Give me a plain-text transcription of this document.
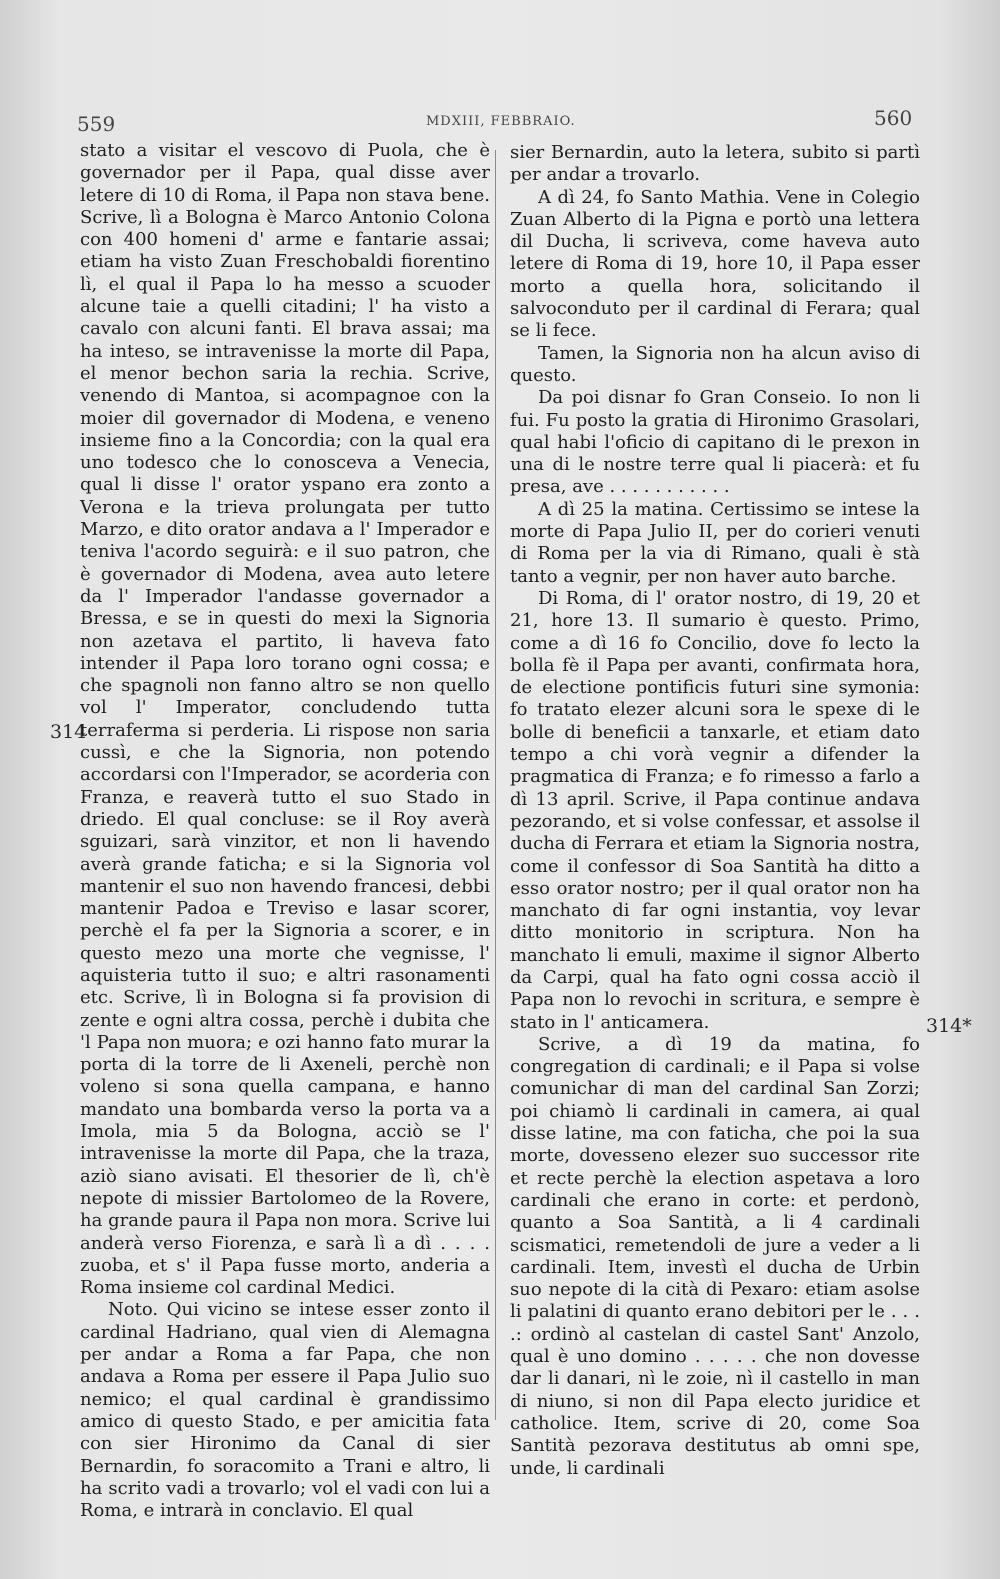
559	MDXIII, FEBBRAIO.	560
314
314*

stato a visitar el vescovo di Puola, che è governador per il Papa, qual disse aver letere di 10 di Roma, il Papa non stava bene. Scrive, lì a Bologna è Marco Antonio Colona con 400 homeni d' arme e fantarie assai; etiam ha visto Zuan Freschobaldi fiorentino lì, el qual il Papa lo ha messo a scuoder alcune taie a quelli citadini; l' ha visto a cavalo con alcuni fanti. El brava assai; ma ha inteso, se intravenisse la morte dil Papa, el menor bechon saria la rechia. Scrive, venendo di Mantoa, si acompagnoe con la moier dil governador di Modena, e veneno insieme fino a la Concordia; con la qual era uno todesco che lo conosceva a Venecia, qual li disse l' orator yspano era zonto a Verona e la trieva prolungata per tutto Marzo, e dito orator andava a l' Imperador e teniva l'acordo seguirà: e il suo patron, che è governador di Modena, avea auto letere da l' Imperador l'andasse governador a Bressa, e se in questi do mexi la Signoria non azetava el partito, li haveva fato intender il Papa loro torano ogni cossa; e che spagnoli non fanno altro se non quello vol l' Imperator, concludendo tutta terraferma si perderia. Li rispose non saria cussì, e che la Signoria, non potendo accordarsi con l'Imperador, se acorderia con Franza, e reaverà tutto el suo Stado in driedo. El qual concluse: se il Roy averà sguizari, sarà vinzitor, et non li havendo averà grande faticha; e si la Signoria vol mantenir el suo non havendo francesi, debbi mantenir Padoa e Treviso e lasar scorer, perchè el fa per la Signoria a scorer, e in questo mezo una morte che vegnisse, l' aquisteria tutto il suo; e altri rasonamenti etc. Scrive, lì in Bologna si fa provision di zente e ogni altra cossa, perchè i dubita che 'l Papa non muora; e ozi hanno fato murar la porta di la torre de li Axeneli, perchè non voleno si sona quella campana, e hanno mandato una bombarda verso la porta va a Imola, mia 5 da Bologna, acciò se l' intravenisse la morte dil Papa, che la traza, aziò siano avisati. El thesorier de lì, ch'è nepote di missier Bartolomeo de la Rovere, ha grande paura il Papa non mora. Scrive lui anderà verso Fiorenza, e sarà lì a dì . . . . zuoba, et s' il Papa fusse morto, anderia a Roma insieme col cardinal Medici.

Noto. Qui vicino se intese esser zonto il cardinal Hadriano, qual vien di Alemagna per andar a Roma a far Papa, che non andava a Roma per essere il Papa Julio suo nemico; el qual cardinal è grandissimo amico di questo Stado, e per amicitia fata con sier Hironimo da Canal di sier Bernardin, fo soracomito a Trani e altro, li ha scrito vadi a trovarlo; vol el vadi con lui a Roma, e intrarà in conclavio. El qual

sier Bernardin, auto la letera, subito si partì per andar a trovarlo.

A dì 24, fo Santo Mathia. Vene in Colegio Zuan Alberto di la Pigna e portò una lettera dil Ducha, li scriveva, come haveva auto letere di Roma di 19, hore 10, il Papa esser morto a quella hora, solicitando il salvoconduto per il cardinal di Ferara; qual se li fece.

Tamen, la Signoria non ha alcun aviso di questo.

Da poi disnar fo Gran Conseio. Io non li fui. Fu posto la gratia di Hironimo Grasolari, qual habi l'oficio di capitano di le prexon in una di le nostre terre qual li piacerà: et fu presa, ave . . . . . . . . . . .

A dì 25 la matina. Certissimo se intese la morte di Papa Julio II, per do corieri venuti di Roma per la via di Rimano, quali è stà tanto a vegnir, per non haver auto barche.

Di Roma, di l' orator nostro, di 19, 20 et 21, hore 13. Il sumario è questo. Primo, come a dì 16 fo Concilio, dove fo lecto la bolla fè il Papa per avanti, confirmata hora, de electione pontificis futuri sine symonia: fo tratato elezer alcuni sora le spexe di le bolle di beneficii a tanxarle, et etiam dato tempo a chi vorà vegnir a difender la pragmatica di Franza; e fo rimesso a farlo a dì 13 april. Scrive, il Papa continue andava pezorando, et si volse confessar, et assolse il ducha di Ferrara et etiam la Signoria nostra, come il confessor di Soa Santità ha ditto a esso orator nostro; per il qual orator non ha manchato di far ogni instantia, voy levar ditto monitorio in scriptura. Non ha manchato li emuli, maxime il signor Alberto da Carpi, qual ha fato ogni cossa acciò il Papa non lo revochi in scritura, e sempre è stato in l' anticamera.

Scrive, a dì 19 da matina, fo congregation di cardinali; e il Papa si volse comunichar di man del cardinal San Zorzi; poi chiamò li cardinali in camera, ai qual disse latine, ma con faticha, che poi la sua morte, dovesseno elezer suo successor rite et recte perchè la election aspetava a loro cardinali che erano in corte: et perdonò, quanto a Soa Santità, a li 4 cardinali scismatici, remetendoli de jure a veder a li cardinali. Item, investì el ducha de Urbin suo nepote di la cità di Pexaro: etiam asolse li palatini di quanto erano debitori per le . . . .: ordinò al castelan di castel Sant' Anzolo, qual è uno domino . . . . . che non dovesse dar li danari, nì le zoie, nì il castello in man di niuno, si non dil Papa electo juridice et catholice. Item, scrive di 20, come Soa Santità pezorava destitutus ab omni spe, unde, li cardinali
